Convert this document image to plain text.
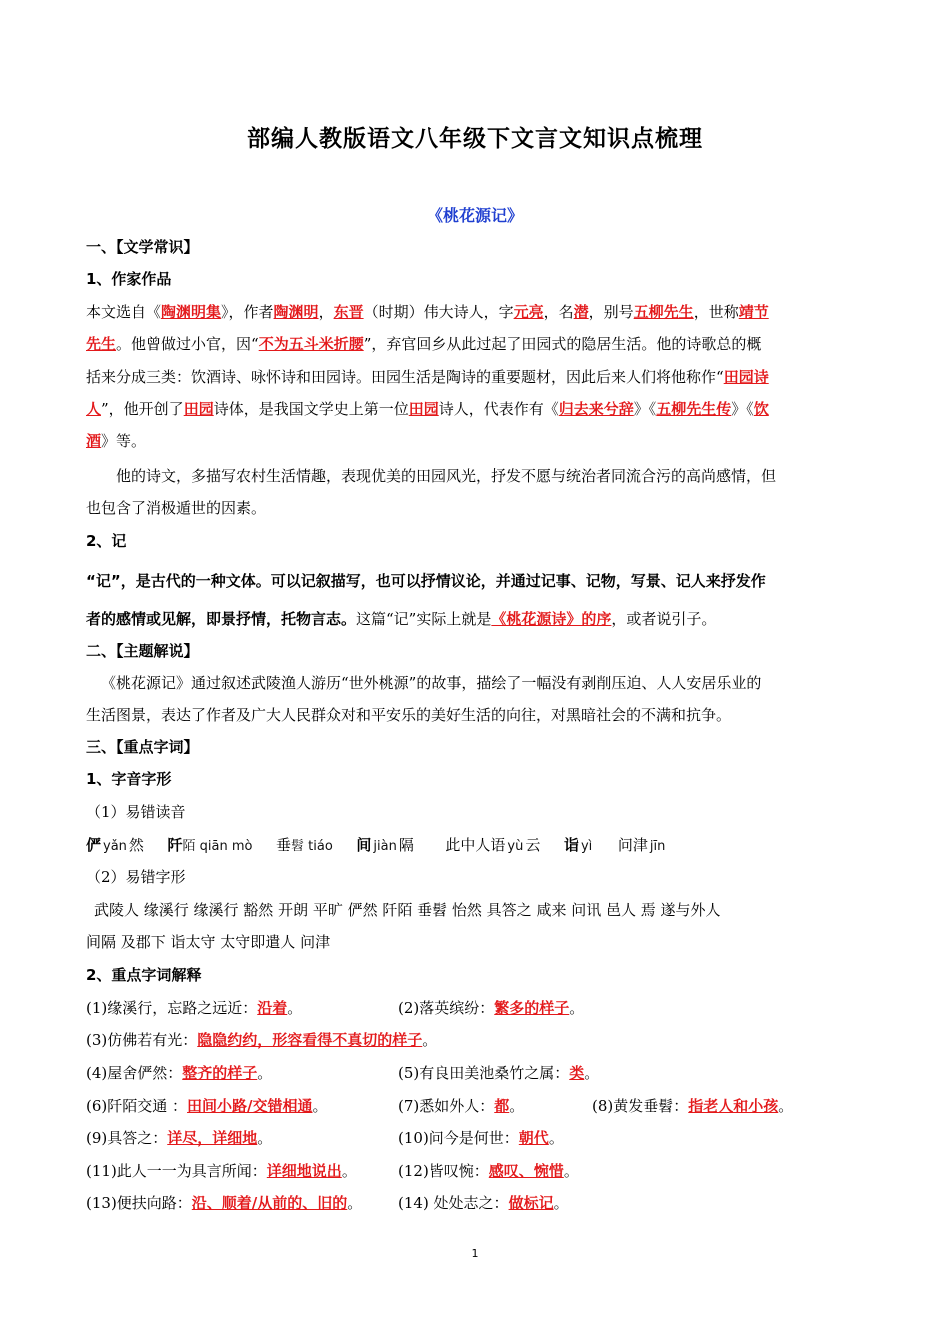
部编人教版语文八年级下文言文知识点梳理
《桃花源记》
一、【文学常识】
1、作家作品
本文选自《陶渊明集》，作者陶渊明，东晋（时期）伟大诗人，字元亮，名潜，别号五柳先生，世称靖节
先生。他曾做过小官，因“不为五斗米折腰”，弃官回乡从此过起了田园式的隐居生活。他的诗歌总的概
括来分成三类：饮酒诗、咏怀诗和田园诗。田园生活是陶诗的重要题材，因此后来人们将他称作“田园诗
人”，他开创了田园诗体，是我国文学史上第一位田园诗人，代表作有《归去来兮辞》《五柳先生传》《饮
酒》等。
他的诗文，多描写农村生活情趣，表现优美的田园风光，抒发不愿与统治者同流合污的高尚感情，但
也包含了消极遁世的因素。
2、记
“记”，是古代的一种文体。可以记叙描写，也可以抒情议论，并通过记事、记物，写景、记人来抒发作
者的感情或见解，即景抒情，托物言志。这篇“记”实际上就是《桃花源诗》的序，或者说引子。
二、【主题解说】
《桃花源记》通过叙述武陵渔人游历“世外桃源”的故事，描绘了一幅没有剥削压迫、人人安居乐业的
生活图景，表达了作者及广大人民群众对和平安乐的美好生活的向往，对黑暗社会的不满和抗争。
三、【重点字词】
1、字音字形
（1）易错读音
俨 yǎn 然 阡陌 qiān mò 垂髫 tiáo 间 jiàn 隔 此中人语 yù 云 诣 yì 问津 jīn
（2）易错字形
武陵人 缘溪行 缘溪行 豁然 开朗 平旷 俨然 阡陌 垂髫 怡然 具答之 咸来 问讯 邑人 焉 遂与外人
间隔 及郡下 诣太守 太守即遣人 问津
2、重点字词解释
(1)缘溪行，忘路之远近：沿着。	(2)落英缤纷：繁多的样子。
(3)仿佛若有光：隐隐约约，形容看得不真切的样子。
(4)屋舍俨然：整齐的样子。	(5)有良田美池桑竹之属：类。
(6)阡陌交通 ：田间小路/交错相通。	(7)悉如外人：都。	(8)黄发垂髫：指老人和小孩。
(9)具答之：详尽，详细地。	(10)问今是何世：朝代。
(11)此人一一为具言所闻：详细地说出。	(12)皆叹惋：感叹、惋惜。
(13)便扶向路：沿、顺着/从前的、旧的。 (14) 处处志之：做标记。
1
